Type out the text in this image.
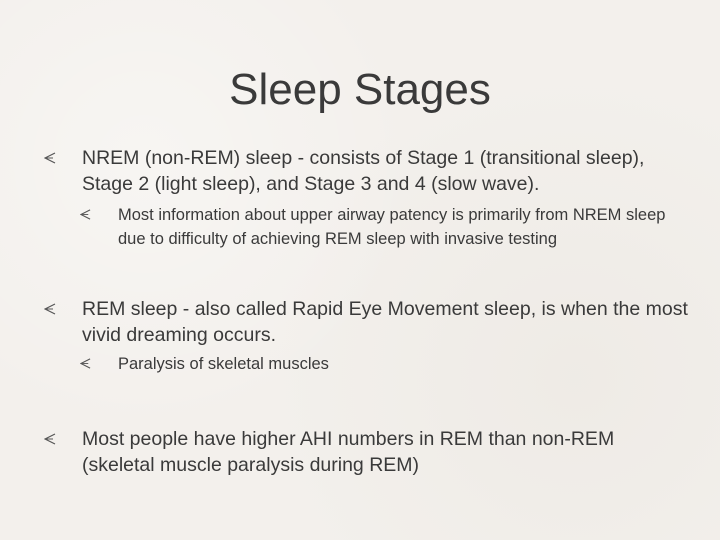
Sleep Stages
NREM (non-REM) sleep - consists of Stage 1 (transitional sleep), Stage 2 (light sleep), and Stage 3 and 4 (slow wave).
Most information about upper airway patency is primarily from NREM sleep due to difficulty of achieving REM sleep with invasive testing
REM sleep - also called Rapid Eye Movement sleep, is when the most vivid dreaming occurs.
Paralysis of skeletal muscles
Most people have higher AHI numbers in REM than non-REM (skeletal muscle paralysis during REM)
